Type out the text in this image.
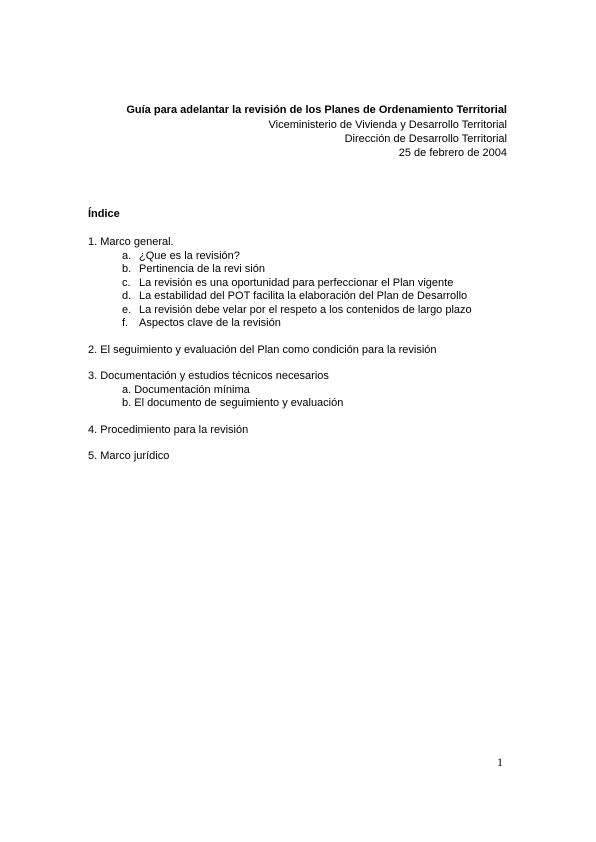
Guía para adelantar la revisión de los Planes de Ordenamiento Territorial
Viceministerio de Vivienda y Desarrollo Territorial
Dirección de Desarrollo Territorial
25 de febrero de 2004
Índice
1. Marco general.
a. ¿Que es la revisión?
b. Pertinencia de la revi sión
c. La revisión es una oportunidad para perfeccionar el Plan vigente
d. La estabilidad del POT facilita la elaboración del Plan de Desarrollo
e. La revisión debe velar por el respeto a los contenidos de largo plazo
f. Aspectos clave de la revisión
2. El seguimiento y evaluación del Plan como condición para la revisión
3. Documentación y estudios técnicos necesarios
a. Documentación mínima
b. El documento de seguimiento y evaluación
4. Procedimiento para la revisión
5. Marco jurídico
1
